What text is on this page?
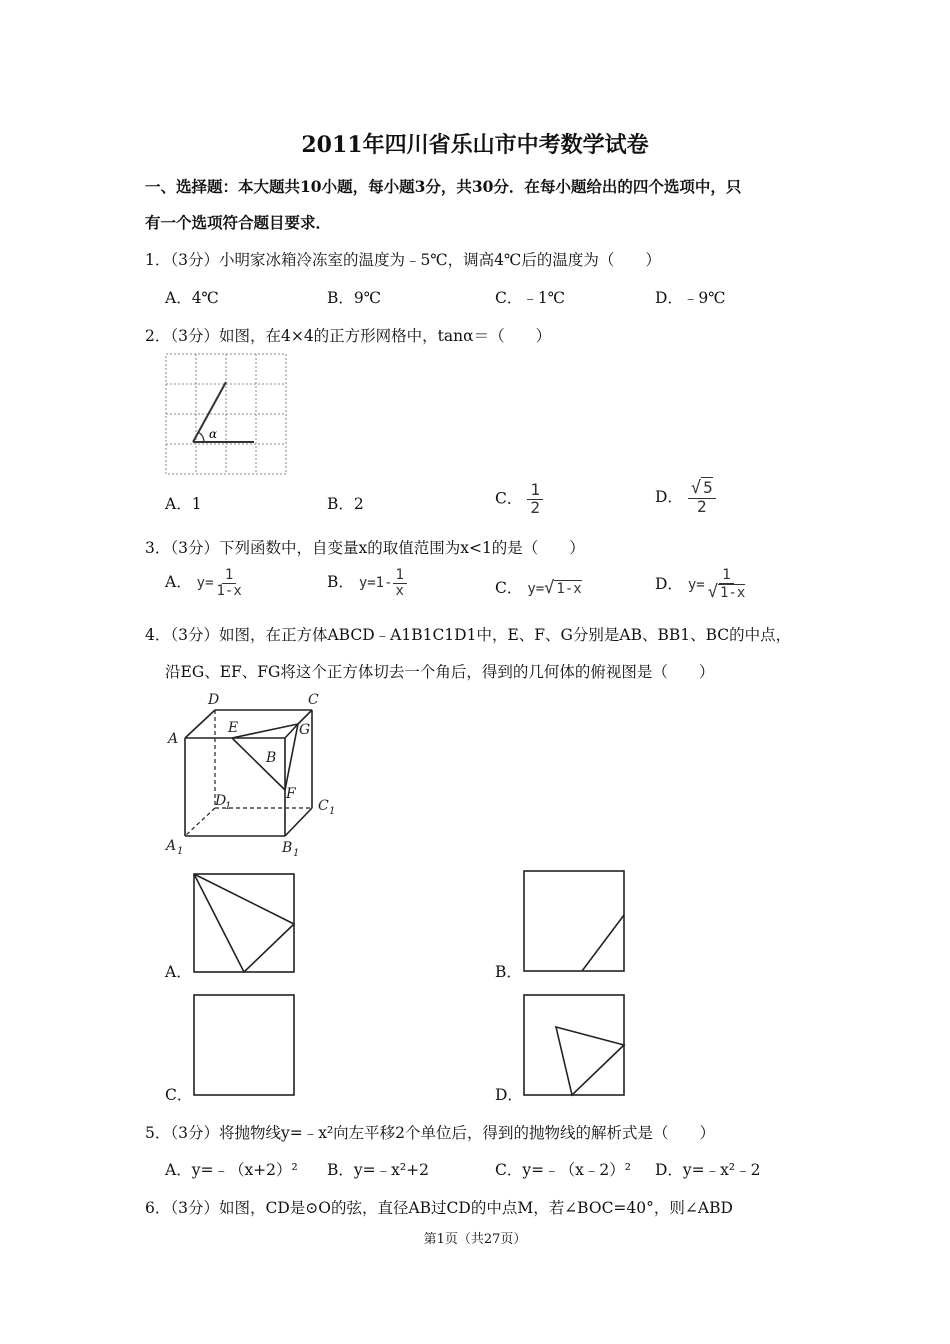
2011年四川省乐山市中考数学试卷
一、选择题：本大题共10小题，每小题3分，共30分．在每小题给出的四个选项中，只
有一个选项符合题目要求．
1．（3分）小明家冰箱冷冻室的温度为﹣5℃，调高4℃后的温度为（　　）
A．4℃	B．9℃	C．﹣1℃	D．﹣9℃
2．（3分）如图，在4×4的正方形网格中，tanα＝（　　）
α
A．1	B．2	C． $\frac{1}{2}$	D． $\frac{√ 5}{2}$
3．（3分）下列函数中，自变量x的取值范围为x<1的是（　　）
A． $y= \frac{1}{1-x}$	B． $y=1- \frac{1}{x}$	C． y=√ 1-x	D． $y= \frac{1}{√ 1-x}$
4．（3分）如图，在正方体ABCD﹣A1B1C1D1中，E、F、G分别是AB、BB1、BC的中点，
沿EG、EF、FG将这个正方体切去一个角后，得到的几何体的俯视图是（　　）
D	C
A
E	G
B
F
D
1	C 1
A 1	B 1
A．	B．
C．	D．
5．（3分）将抛物线y=﹣x²向左平移2个单位后，得到的抛物线的解析式是（　　）
A．y=﹣（x+2）² B．y=﹣x²+2	C．y=﹣（x﹣2）² D．y=﹣x²﹣2
6．（3分）如图，CD是⊙O的弦，直径AB过CD的中点M，若∠BOC=40°，则∠ABD
第1页（共27页）
